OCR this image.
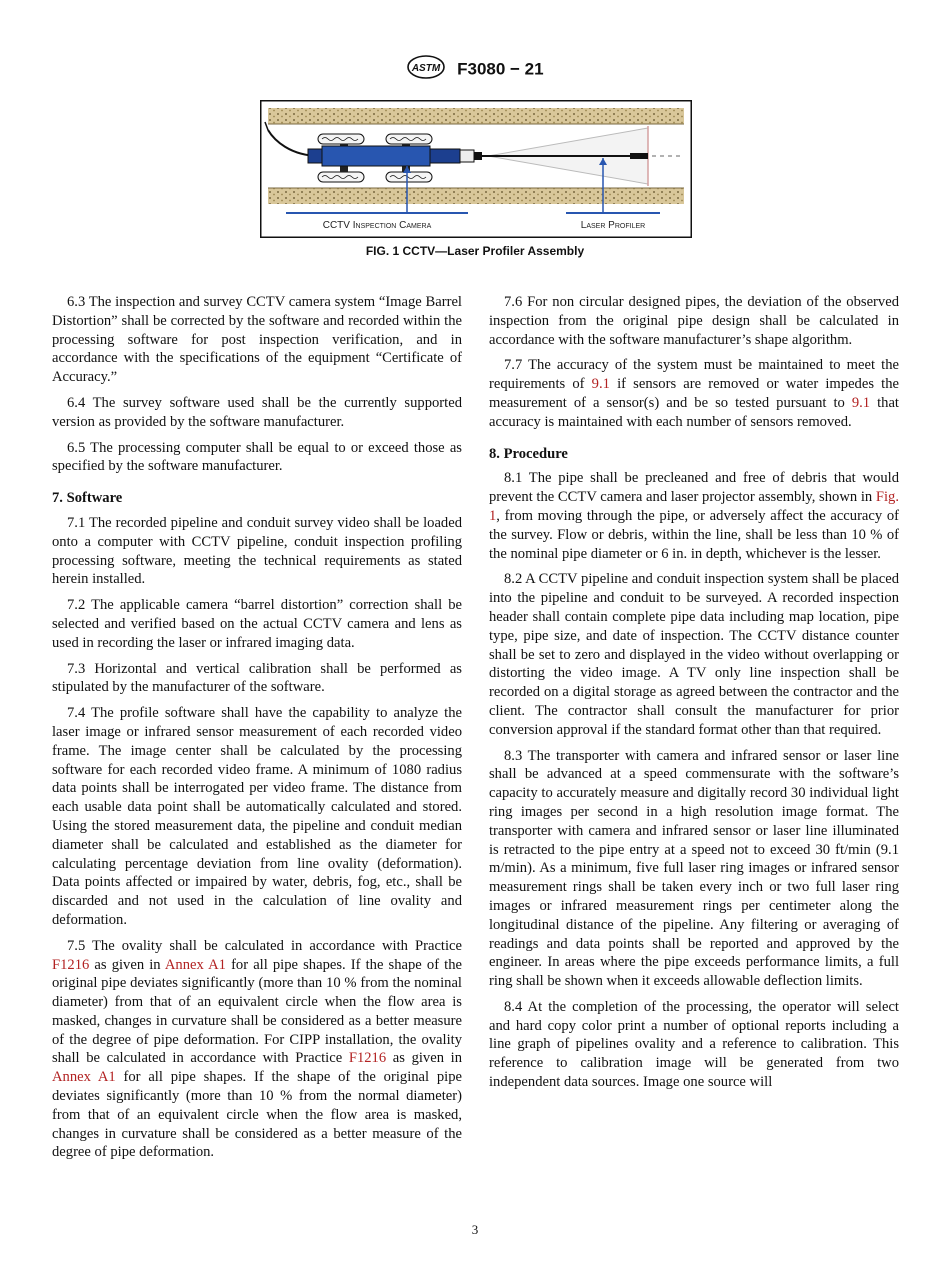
ASTM F3080 − 21
CCTV Inspection Camera	Laser Profiler
FIG. 1 CCTV—Laser Profiler Assembly

6.3 The inspection and survey CCTV camera system “Image Barrel Distortion” shall be corrected by the software and recorded within the processing software for post inspection verification, and in accordance with the specifications of the equipment “Certificate of Accuracy.”

6.4 The survey software used shall be the currently supported version as provided by the software manufacturer.

6.5 The processing computer shall be equal to or exceed those as specified by the software manufacturer.

7. Software

7.1 The recorded pipeline and conduit survey video shall be loaded onto a computer with CCTV pipeline, conduit inspection profiling processing software, meeting the technical requirements as stated herein installed.

7.2 The applicable camera “barrel distortion” correction shall be selected and verified based on the actual CCTV camera and lens as used in recording the laser or infrared imaging data.

7.3 Horizontal and vertical calibration shall be performed as stipulated by the manufacturer of the software.

7.4 The profile software shall have the capability to analyze the laser image or infrared sensor measurement of each recorded video frame. The image center shall be calculated by the processing software for each recorded video frame. A minimum of 1080 radius data points shall be interrogated per video frame. The distance from each usable data point shall be automatically calculated and stored. Using the stored measurement data, the pipeline and conduit median diameter shall be calculated and established as the diameter for calculating percentage deviation from line ovality (deformation). Data points affected or impaired by water, debris, fog, etc., shall be discarded and not used in the calculation of line ovality and deformation.

7.5 The ovality shall be calculated in accordance with Practice F1216 as given in Annex A1 for all pipe shapes. If the shape of the original pipe deviates significantly (more than 10 % from the nominal diameter) from that of an equivalent circle when the flow area is masked, changes in curvature shall be considered as a better measure of the degree of pipe deformation. For CIPP installation, the ovality shall be calculated in accordance with Practice F1216 as given in Annex A1 for all pipe shapes. If the shape of the original pipe deviates significantly (more than 10 % from the normal diameter) from that of an equivalent circle when the flow area is masked, changes in curvature shall be considered as a better measure of the degree of pipe deformation.

7.6 For non circular designed pipes, the deviation of the observed inspection from the original pipe design shall be calculated in accordance with the software manufacturer’s shape algorithm.

7.7 The accuracy of the system must be maintained to meet the requirements of 9.1 if sensors are removed or water impedes the measurement of a sensor(s) and be so tested pursuant to 9.1 that accuracy is maintained with each number of sensors removed.

8. Procedure

8.1 The pipe shall be precleaned and free of debris that would prevent the CCTV camera and laser projector assembly, shown in Fig. 1, from moving through the pipe, or adversely affect the accuracy of the survey. Flow or debris, within the line, shall be less than 10 % of the nominal pipe diameter or 6 in. in depth, whichever is the lesser.

8.2 A CCTV pipeline and conduit inspection system shall be placed into the pipeline and conduit to be surveyed. A recorded inspection header shall contain complete pipe data including map location, pipe type, pipe size, and date of inspection. The CCTV distance counter shall be set to zero and displayed in the video without overlapping or distorting the video image. A TV only line inspection shall be recorded on a digital storage as agreed between the contractor and the client. The contractor shall consult the manufacturer for prior conversion approval if the standard format other than that required.

8.3 The transporter with camera and infrared sensor or laser line shall be advanced at a speed commensurate with the software’s capacity to accurately measure and digitally record 30 individual light ring images per second in a high resolution image format. The transporter with camera and infrared sensor or laser line illuminated is retracted to the pipe entry at a speed not to exceed 30 ft/min (9.1 m/min). As a minimum, five full laser ring images or infrared sensor measurement rings shall be taken every inch or two full laser ring images or infrared measurement rings per centimeter along the longitudinal distance of the pipeline. Any filtering or averaging of readings and data points shall be reported and approved by the engineer. In areas where the pipe exceeds performance limits, a full ring shall be shown when it exceeds allowable deflection limits.

8.4 At the completion of the processing, the operator will select and hard copy color print a number of optional reports including a line graph of pipelines ovality and a reference to calibration. This reference to calibration image will be generated from two independent data sources. Image one source will

3
